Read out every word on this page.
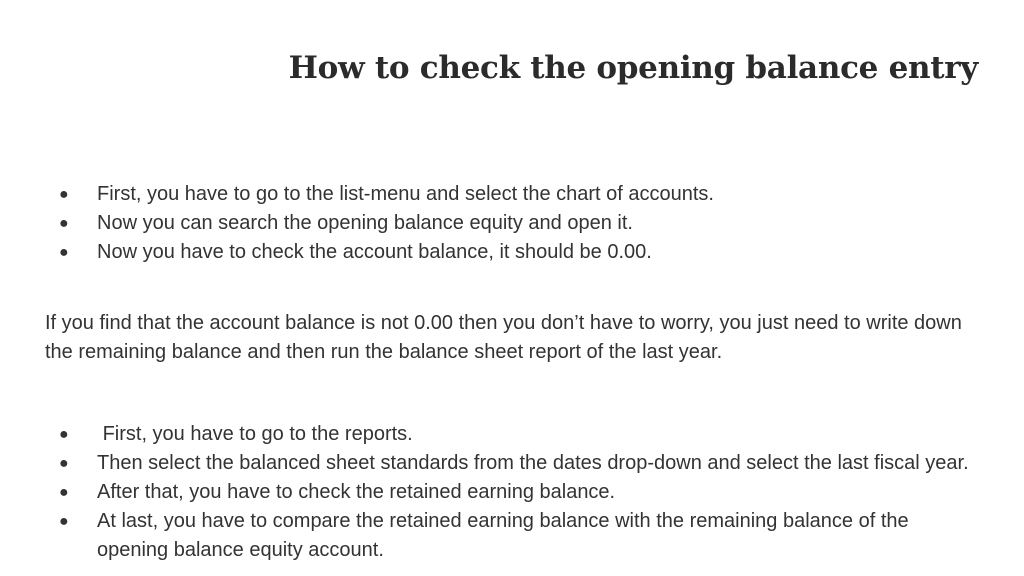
How to check the opening balance entry
● First, you have to go to the list-menu and select the chart of accounts.
● Now you can search the opening balance equity and open it.
● Now you have to check the account balance, it should be 0.00.

If you find that the account balance is not 0.00 then you don’t have to worry, you just need to write down the remaining balance and then run the balance sheet report of the last year.

● First, you have to go to the reports.
● Then select the balanced sheet standards from the dates drop-down and select the last fiscal year.
● After that, you have to check the retained earning balance.
● At last, you have to compare the retained earning balance with the remaining balance of the opening balance equity account.
